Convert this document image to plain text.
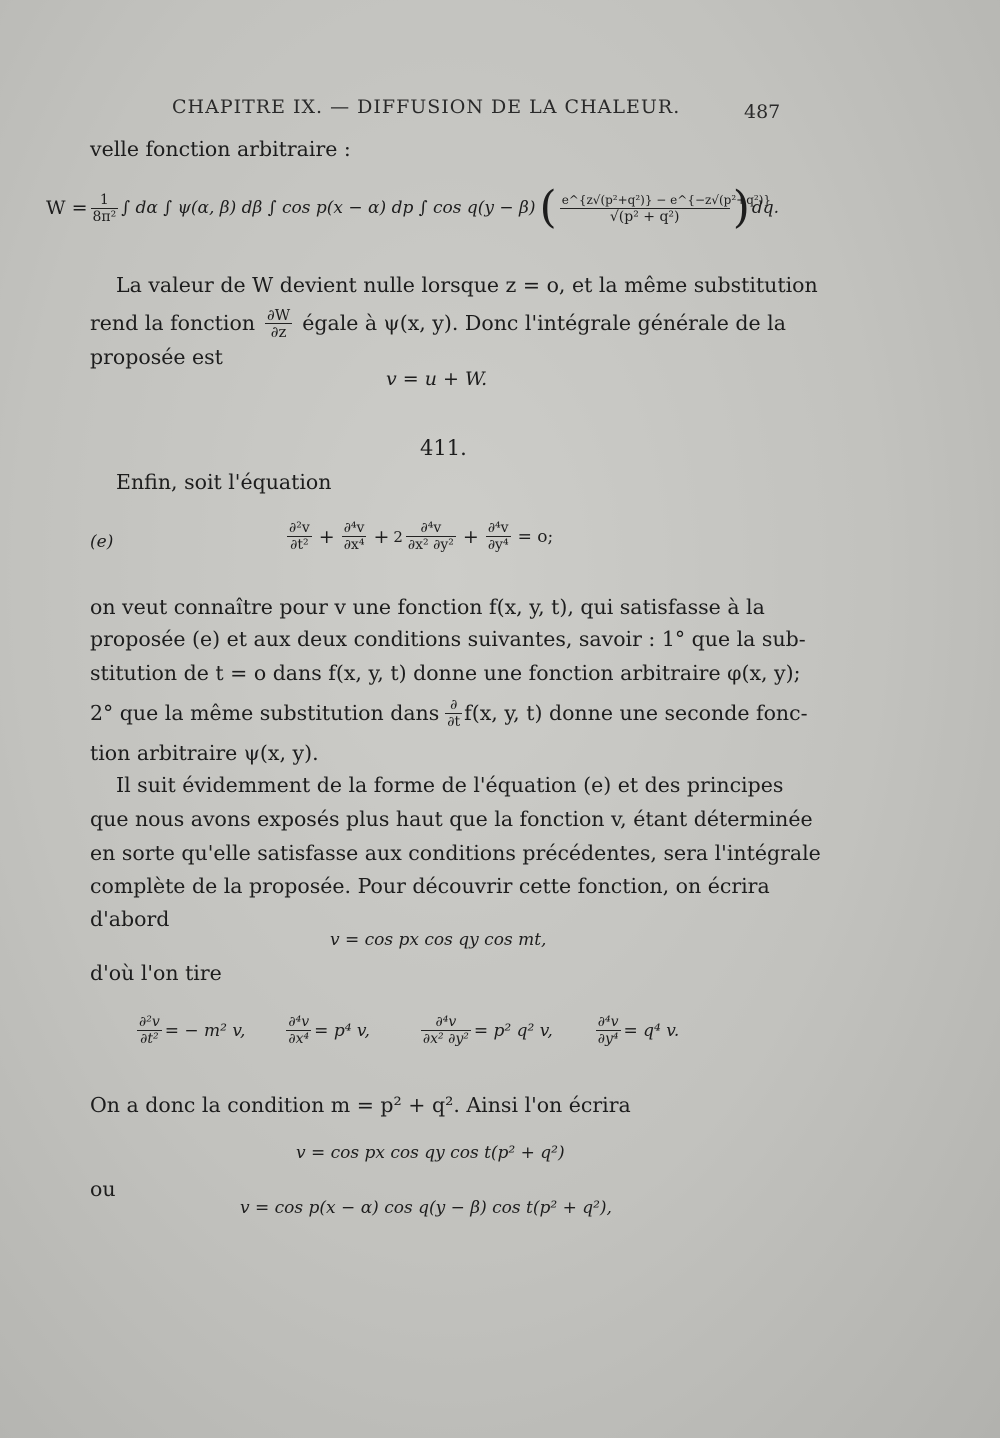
CHAPITRE IX. — DIFFUSION DE LA CHALEUR.	487
velle fonction arbitraire :
$W = \frac{1}{\text{8π²}}$ ∫ dα ∫ ψ(α, β) dβ ∫ cos p(x − α) dp ∫ cos q(y − β) ( $\frac{\text{e\textasciicircum{}\{z√(p²+q²)\} − e\textasciicircum{}\{−z√(p²+q²)\}}}{\text{√(p² + q²)}}$ ) dq.
La valeur de W devient nulle lorsque z = o, et la même substitution
rend la fonction $\frac{\partial W}{\partial z}$ égale à ψ(x, y). Donc l'intégrale générale de la
proposée est
v = u + W.
411.
Enfin, soit l'équation
(e)	$\frac{\text{∂²v}}{\text{∂t²}} + \frac{\text{∂⁴v}}{\text{∂x⁴}} + 2 \frac{\text{∂⁴v}}{\text{∂x² ∂y²}} + \frac{\text{∂⁴v}}{\text{∂y⁴}} = o$;
on veut connaître pour v une fonction f(x, y, t), qui satisfasse à la
proposée (e) et aux deux conditions suivantes, savoir : 1° que la sub-
stitution de t = o dans f(x, y, t) donne une fonction arbitraire φ(x, y);
2° que la même substitution dans $\frac{\partial}{\partial t} f(x$, y, t) donne une seconde fonc-
tion arbitraire ψ(x, y).
Il suit évidemment de la forme de l'équation (e) et des principes
que nous avons exposés plus haut que la fonction v, étant déterminée
en sorte qu'elle satisfasse aux conditions précédentes, sera l'intégrale
complète de la proposée. Pour découvrir cette fonction, on écrira
d'abord
v = cos px cos qy cos mt,
d'où l'on tire
$\frac{\text{∂²v}}{\text{∂t²}}$ = − m² v,	$\frac{\text{∂⁴v}}{\text{∂x⁴}} = p^4$ v,	$\frac{\text{∂⁴v}}{\text{∂x² ∂y²}} = p^2$ q² v,	$\frac{\text{∂⁴v}}{\text{∂y⁴}} = q^4$ v.
On a donc la condition m = p² + q². Ainsi l'on écrira
v = cos px cos qy cos t(p² + q²)
ou
v = cos p(x − α) cos q(y − β) cos t(p² + q²),
